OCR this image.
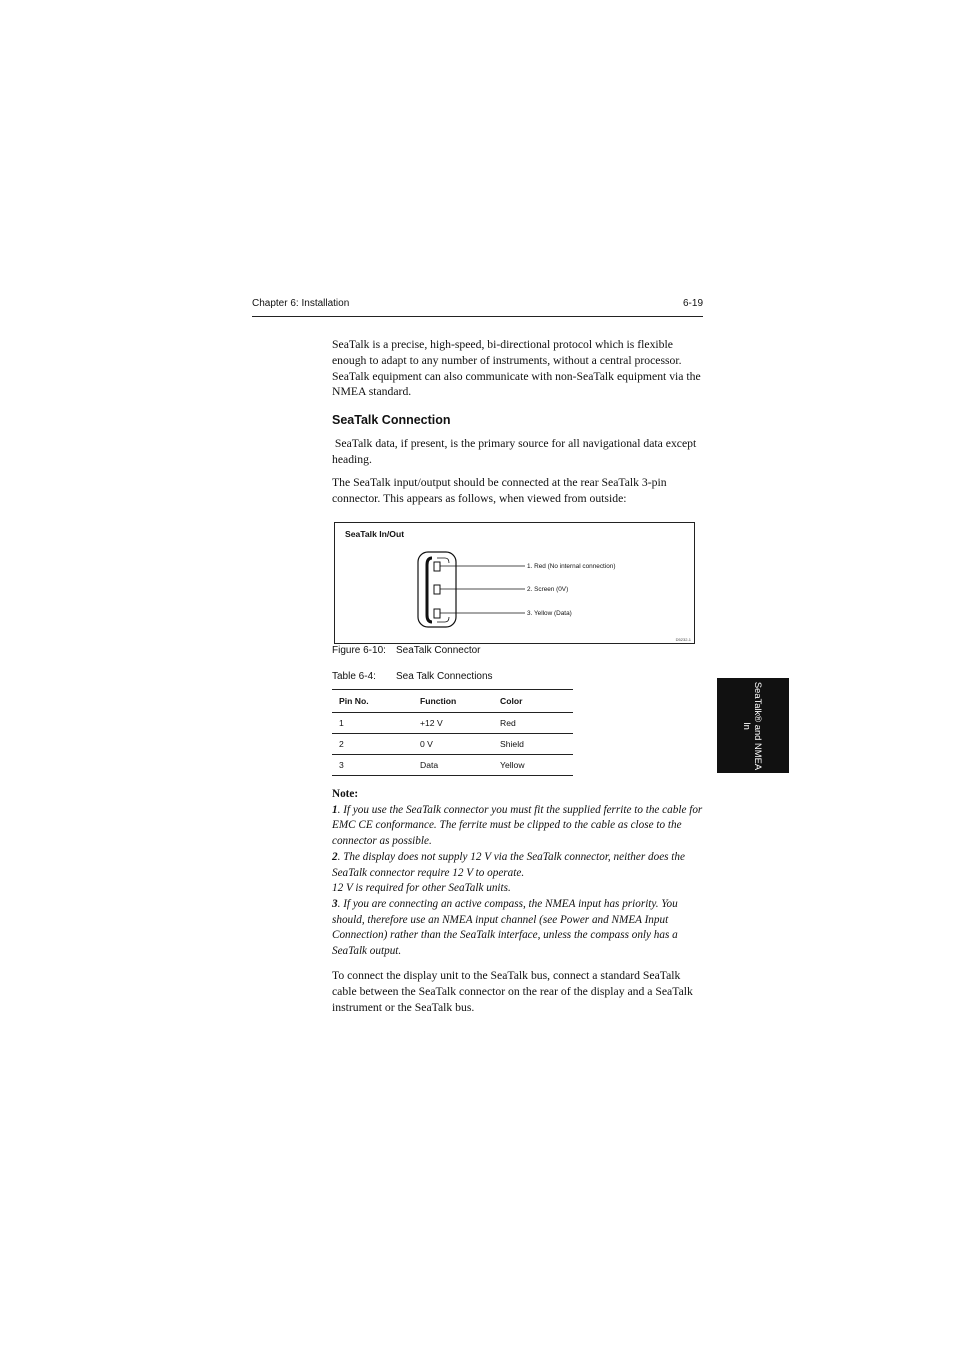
Chapter 6: Installation	6-19

SeaTalk is a precise, high-speed, bi-directional protocol which is flexible enough to adapt to any number of instruments, without a central processor. SeaTalk equipment can also communicate with non-SeaTalk equipment via the NMEA standard.

SeaTalk Connection

SeaTalk data, if present, is the primary source for all navigational data except heading.

The SeaTalk input/output should be connected at the rear SeaTalk 3-pin connector. This appears as follows, when viewed from outside:

SeaTalk In/Out
1. Red (No internal connection)
2. Screen (0V)
3. Yellow (Data)
D5232-1
Figure 6-10: SeaTalk Connector
Table 6-4: Sea Talk Connections
Pin No.	Function	Color
1	+12 V	Red
2	0 V	Shield
3	Data	Yellow
Note:
1. If you use the SeaTalk connector you must fit the supplied ferrite to the cable for EMC CE conformance. The ferrite must be clipped to the cable as close to the connector as possible.
2. The display does not supply 12 V via the SeaTalk connector, neither does the SeaTalk connector require 12 V to operate.
12 V is required for other SeaTalk units.
3. If you are connecting an active compass, the NMEA input has priority. You should, therefore use an NMEA input channel (see Power and NMEA Input Connection) rather than the SeaTalk interface, unless the compass only has a SeaTalk output.

To connect the display unit to the SeaTalk bus, connect a standard SeaTalk cable between the SeaTalk connector on the rear of the display and a SeaTalk instrument or the SeaTalk bus.

SeaTalk® and NMEA
In
